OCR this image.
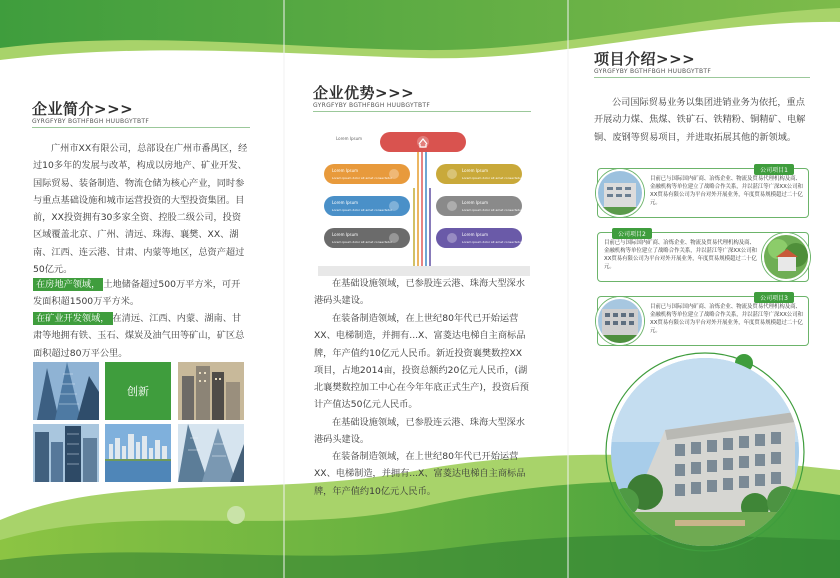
企业简介>>>
GYRGFYBY BGTHFBGH HUUBGYTBTF
广州市XX有限公司，总部设在广州市番禺区，经过10多年的发展与改革，构成以房地产、矿业开发、国际贸易、装备制造、物流仓储为核心产业，同时参与重点基础设施和城市运营投资的大型投资集团。目前，XX投资拥有30多家全资、控股二级公司，投资区域覆盖北京、广州、清远、珠海、襄樊、XX、湖南、江西、连云港、甘肃、内蒙等地区，总资产超过50亿元。
在房地产领域， 土地储备超过500万平方米，可开发面积超1500万平方米。
在矿业开发领域， 在清远、江西、内蒙、湖南、甘肃等地拥有铁、玉石、煤炭及油气田等矿山，矿区总面积超过80万平公里。
创新
企业优势>>>
GYRGFYBY BGTHFBGH HUUBGYTBTF
Lorem Ipsum
Lorem Ipsum
Lorem ipsum dolor sit amet consectetur
Lorem Ipsum
Lorem ipsum dolor sit amet consectetur
Lorem Ipsum
Lorem ipsum dolor sit amet consectetur
Lorem Ipsum
Lorem ipsum dolor sit amet consectetur
Lorem Ipsum
Lorem ipsum dolor sit amet consectetur
Lorem Ipsum
Lorem ipsum dolor sit amet consectetur
在基础设施领域，已参股连云港、珠海大型深水港码头建设。
在装备制造领域，在上世纪80年代已开始运营XX、电梯制造，并拥有...X、富菱达电梯自主商标品牌，年产值约10亿元人民币。新近投资襄樊数控XX项目，占地2014亩，投资总额约20亿元人民币，(湖北襄樊数控加工中心在今年年底正式生产)，投资后预计产值达50亿元人民币。
在基础设施领域，已参股连云港、珠海大型深水港码头建设。
在装备制造领域，在上世纪80年代已开始运营XX、电梯制造，并拥有...X、富菱达电梯自主商标品牌，年产值约10亿元人民币。
项目介绍>>>
GYRGFYBY BGTHFBGH HUUBGYTBTF
公司国际贸易业务以集团进销业务为依托，重点开展动力煤、焦煤、铁矿石、铁精粉、铜精矿、电解铜、废钢等贸易项目，并进取拓展其他的新领域。
公司项目1
目前已与国际国内矿商、冶炼企业、物流及贸易代理机构及商、金融机构等单位建立了战略合作关系，并以湛江等广深XX公司和XX贸易有限公司为平台对外开展业务，年度贸易规模超过二十亿元。
公司项目2
目前已与国际国内矿商、冶炼企业、物流及贸易代理机构及商、金融机构等单位建立了战略合作关系，并以湛江等广深XX公司和XX贸易有限公司为平台对外开展业务，年度贸易规模超过二十亿元。
公司项目3
目前已与国际国内矿商、冶炼企业、物流及贸易代理机构及商、金融机构等单位建立了战略合作关系，并以湛江等广深XX公司和XX贸易有限公司为平台对外开展业务，年度贸易规模超过二十亿元。
